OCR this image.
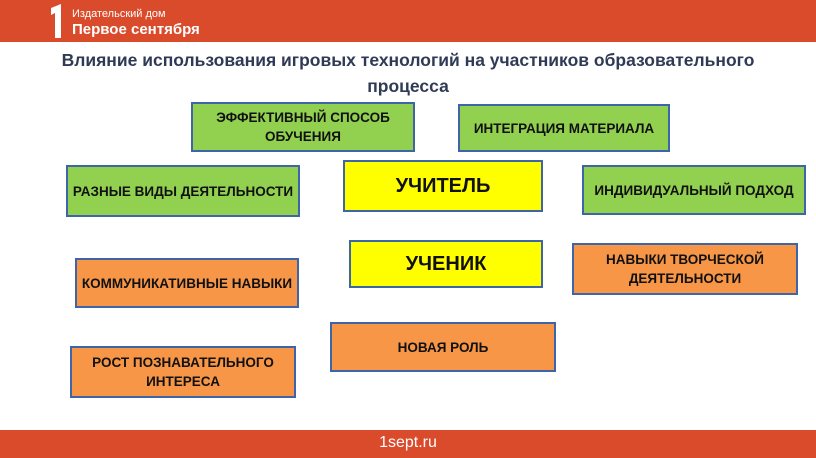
Издательский дом
Первое сентября
Влияние использования игровых технологий на участников образовательного процесса
ЭФФЕКТИВНЫЙ СПОСОБ ОБУЧЕНИЯ
ИНТЕГРАЦИЯ МАТЕРИАЛА
РАЗНЫЕ ВИДЫ ДЕЯТЕЛЬНОСТИ	УЧИТЕЛЬ	ИНДИВИДУАЛЬНЫЙ ПОДХОД
УЧЕНИК
КОММУНИКАТИВНЫЕ НАВЫКИ
НАВЫКИ ТВОРЧЕСКОЙ ДЕЯТЕЛЬНОСТИ
НОВАЯ РОЛЬ
РОСТ ПОЗНАВАТЕЛЬНОГО ИНТЕРЕСА
1sept.ru
